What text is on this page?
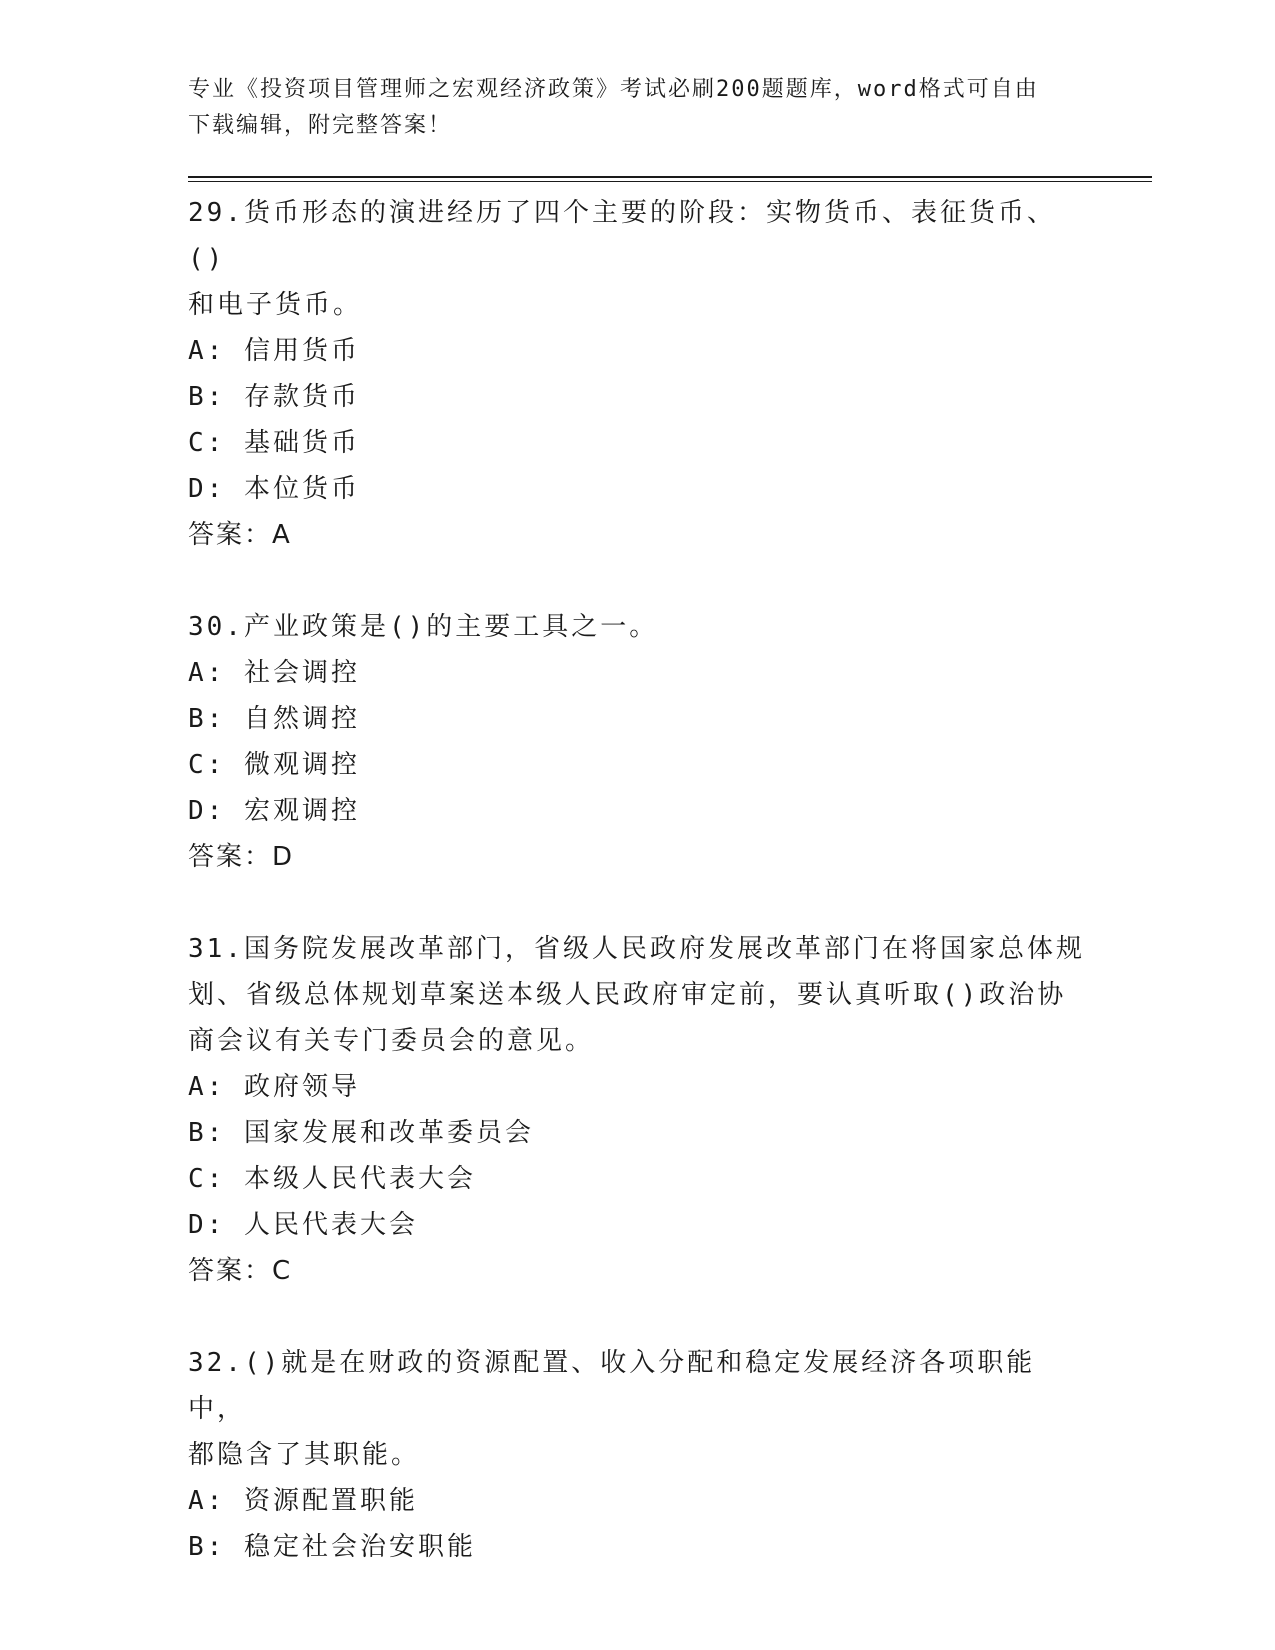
专业《投资项目管理师之宏观经济政策》考试必刷200题题库，word格式可自由
下载编辑，附完整答案！

29.货币形态的演进经历了四个主要的阶段：实物货币、表征货币、()

和电子货币。

A: 信用货币

B: 存款货币

C: 基础货币

D: 本位货币

答案：A

30.产业政策是()的主要工具之一。

A: 社会调控

B: 自然调控

C: 微观调控

D: 宏观调控

答案：D

31.国务院发展改革部门，省级人民政府发展改革部门在将国家总体规

划、省级总体规划草案送本级人民政府审定前，要认真听取()政治协

商会议有关专门委员会的意见。

A: 政府领导

B: 国家发展和改革委员会

C: 本级人民代表大会

D: 人民代表大会

答案：C

32.()就是在财政的资源配置、收入分配和稳定发展经济各项职能中，

都隐含了其职能。

A: 资源配置职能

B: 稳定社会治安职能
